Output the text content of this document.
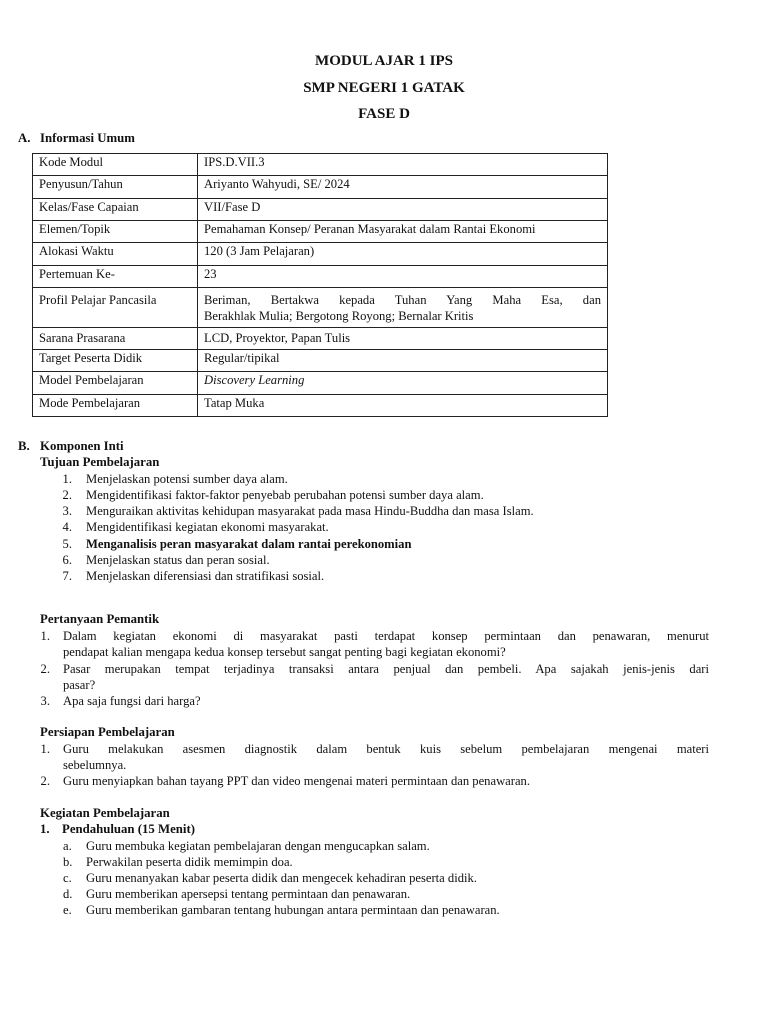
MODUL AJAR 1 IPS
SMP NEGERI 1 GATAK
FASE D
A. Informasi Umum
Kode Modul	IPS.D.VII.3
Penyusun/Tahun	Ariyanto Wahyudi, SE/ 2024
Kelas/Fase Capaian	VII/Fase D
Elemen/Topik	Pemahaman Konsep/ Peranan Masyarakat dalam Rantai Ekonomi
Alokasi Waktu	120 (3 Jam Pelajaran)
Pertemuan Ke-	23
Profil Pelajar Pancasila	Beriman, Bertakwa kepada Tuhan Yang Maha Esa, dan
Berakhlak Mulia; Bergotong Royong; Bernalar Kritis

Sarana Prasarana	LCD, Proyektor, Papan Tulis
Target Peserta Didik	Regular/tipikal
Model Pembelajaran	Discovery Learning
Mode Pembelajaran	Tatap Muka
B. Komponen Inti
Tujuan Pembelajaran
1. Menjelaskan potensi sumber daya alam.
2. Mengidentifikasi faktor-faktor penyebab perubahan potensi sumber daya alam.
3. Menguraikan aktivitas kehidupan masyarakat pada masa Hindu-Buddha dan masa Islam.
4. Mengidentifikasi kegiatan ekonomi masyarakat.
5. Menganalisis peran masyarakat dalam rantai perekonomian
6. Menjelaskan status dan peran sosial.
7. Menjelaskan diferensiasi dan stratifikasi sosial.
Pertanyaan Pemantik
1. Dalam kegiatan ekonomi di masyarakat pasti terdapat konsep permintaan dan penawaran, menurut
pendapat kalian mengapa kedua konsep tersebut sangat penting bagi kegiatan ekonomi?
2. Pasar merupakan tempat terjadinya transaksi antara penjual dan pembeli. Apa sajakah jenis-jenis dari
pasar?
3. Apa saja fungsi dari harga?
Persiapan Pembelajaran
1. Guru melakukan asesmen diagnostik dalam bentuk kuis sebelum pembelajaran mengenai materi
sebelumnya.
2. Guru menyiapkan bahan tayang PPT dan video mengenai materi permintaan dan penawaran.
Kegiatan Pembelajaran
1. Pendahuluan (15 Menit)
a. Guru membuka kegiatan pembelajaran dengan mengucapkan salam.
b. Perwakilan peserta didik memimpin doa.
c. Guru menanyakan kabar peserta didik dan mengecek kehadiran peserta didik.
d. Guru memberikan apersepsi tentang permintaan dan penawaran.
e. Guru memberikan gambaran tentang hubungan antara permintaan dan penawaran.
